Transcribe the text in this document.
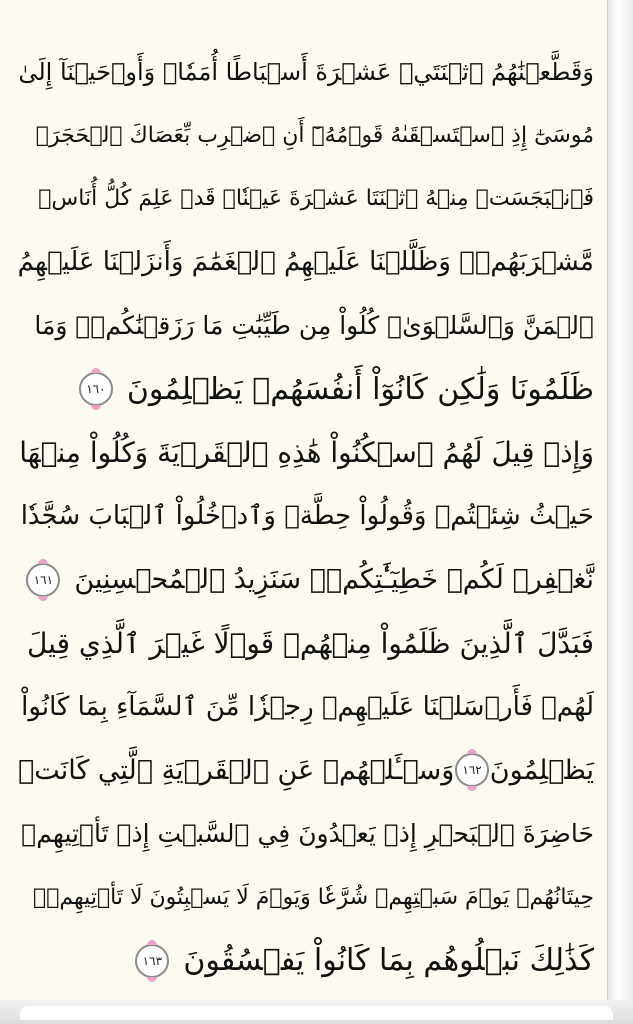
وَقَطَّعۡنَٰهُمُ ٱثۡنَتَيۡ عَشۡرَةَ أَسۡبَاطًا أُمَمٗاۚ وَأَوۡحَيۡنَآ إِلَىٰ
مُوسَىٰٓ إِذِ ٱسۡتَسۡقَىٰهُ قَوۡمُهُۥٓ أَنِ ٱضۡرِب بِّعَصَاكَ ٱلۡحَجَرَۖ
فَٱنۢبَجَسَتۡ مِنۡهُ ٱثۡنَتَا عَشۡرَةَ عَيۡنٗاۖ قَدۡ عَلِمَ كُلُّ أُنَاسٖ
مَّشۡرَبَهُمۡۚ وَظَلَّلۡنَا عَلَيۡهِمُ ٱلۡغَمَٰمَ وَأَنزَلۡنَا عَلَيۡهِمُ
ٱلۡمَنَّ وَٱلسَّلۡوَىٰۖ كُلُواْ مِن طَيِّبَٰتِ مَا رَزَقۡنَٰكُمۡۚ وَمَا
ظَلَمُونَا وَلَٰكِن كَانُوٓاْ أَنفُسَهُمۡ يَظۡلِمُونَ
١٦٠
وَإِذۡ قِيلَ لَهُمُ ٱسۡكُنُواْ هَٰذِهِ ٱلۡقَرۡيَةَ وَكُلُواْ مِنۡهَا
حَيۡثُ شِئۡتُمۡ وَقُولُواْ حِطَّةٞ وَٱدۡخُلُواْ ٱلۡبَابَ سُجَّدٗا
نَّغۡفِرۡ لَكُمۡ خَطِيٓـَٰٔتِكُمۡۚ سَنَزِيدُ ٱلۡمُحۡسِنِينَ
١٦١
فَبَدَّلَ ٱلَّذِينَ ظَلَمُواْ مِنۡهُمۡ قَوۡلًا غَيۡرَ ٱلَّذِي قِيلَ
لَهُمۡ فَأَرۡسَلۡنَا عَلَيۡهِمۡ رِجۡزٗا مِّنَ ٱلسَّمَآءِ بِمَا كَانُواْ
يَظۡلِمُونَ
١٦٢
وَسۡـَٔلۡهُمۡ عَنِ ٱلۡقَرۡيَةِ ٱلَّتِي كَانَتۡ
حَاضِرَةَ ٱلۡبَحۡرِ إِذۡ يَعۡدُونَ فِي ٱلسَّبۡتِ إِذۡ تَأۡتِيهِمۡ
حِيتَانُهُمۡ يَوۡمَ سَبۡتِهِمۡ شُرَّعٗا وَيَوۡمَ لَا يَسۡبِتُونَ لَا تَأۡتِيهِمۡۚ
كَذَٰلِكَ نَبۡلُوهُم بِمَا كَانُواْ يَفۡسُقُونَ
١٦٣
